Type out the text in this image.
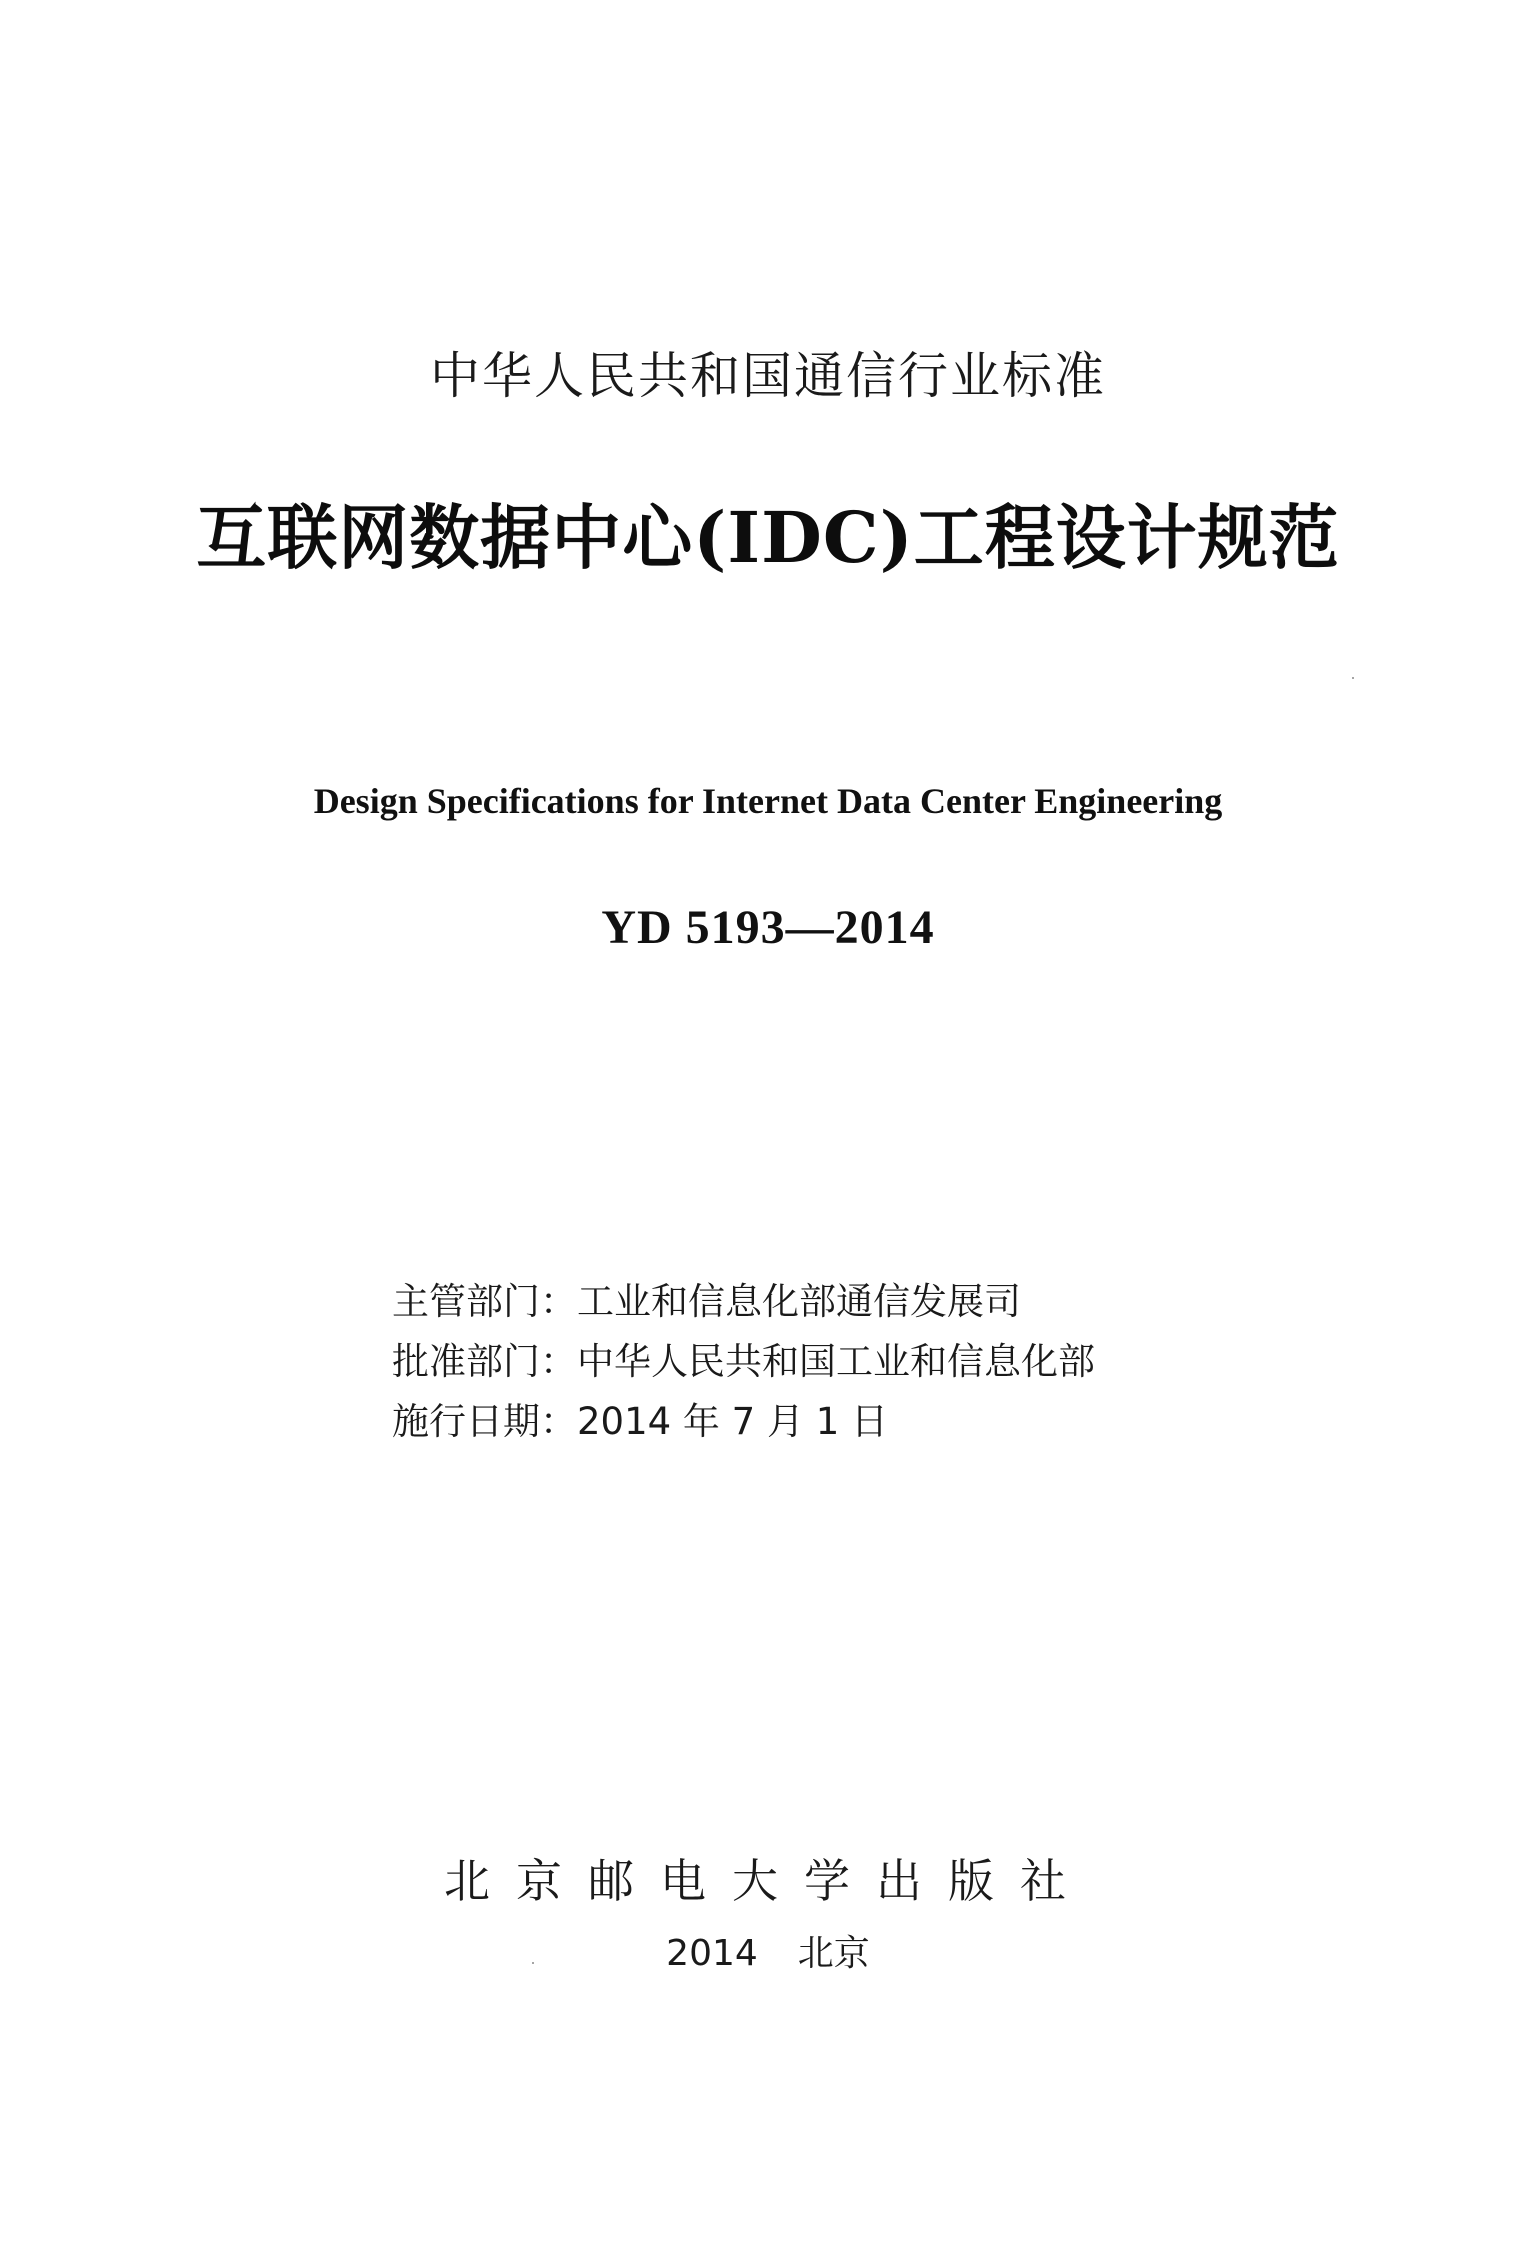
中华人民共和国通信行业标准
互联网数据中心(IDC)工程设计规范
Design Specifications for Internet Data Center Engineering
YD 5193—2014
主管部门：工业和信息化部通信发展司
批准部门：中华人民共和国工业和信息化部
施行日期：2014 年 7 月 1 日
北京邮电大学出版社
2014 北京
